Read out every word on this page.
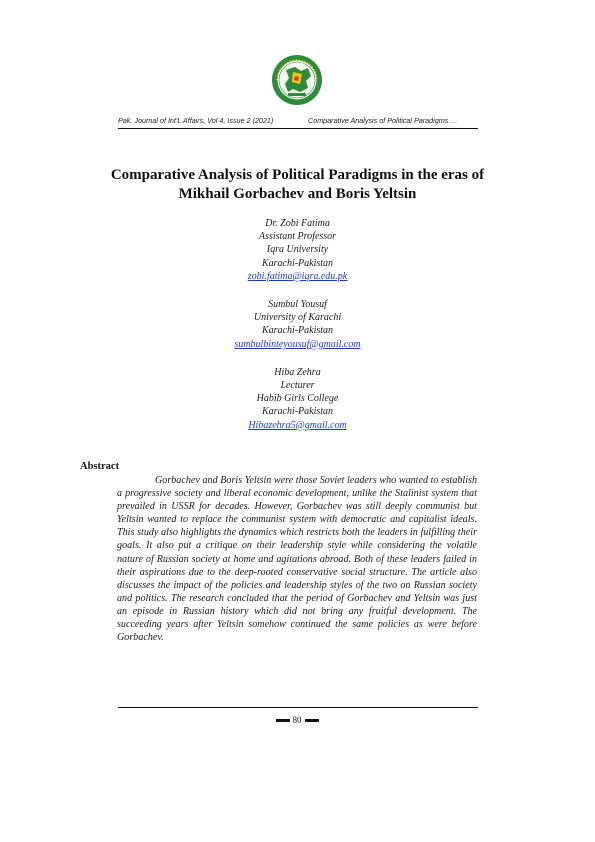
Pak. Journal of Int'L Affairs, Vol 4, Issue 2 (2021)	Comparative Analysis of Political Paradigms …
Comparative Analysis of Political Paradigms in the eras of
Mikhail Gorbachev and Boris Yeltsin
Dr. Zobi Fatima
Assistant Professor
Iqra University
Karachi-Pakistan
zobi.fatima@iqra.edu.pk
Sumbul Yousuf
University of Karachi
Karachi-Pakistan
sumbulbinteyousuf@gmail.com
Hiba Zehra
Lecturer
Habib Girls College
Karachi-Pakistan
Hibazehra5@gmail.com
Abstract

Gorbachev and Boris Yeltsin were those Soviet leaders who wanted to establish a progressive society and liberal economic development, unlike the Stalinist system that prevailed in USSR for decades. However, Gorbachev was still deeply communist but Yeltsin wanted to replace the communist system with democratic and capitalist ideals. This study also highlights the dynamics which restricts both the leaders in fulfilling their goals. It also put a critique on their leadership style while considering the volatile nature of Russian society at home and agitations abroad. Both of these leaders failed in their aspirations due to the deep-rooted conservative social structure. The article also discusses the impact of the policies and leadership styles of the two on Russian society and politics. The research concluded that the period of Gorbachev and Yeltsin was just an episode in Russian history which did not bring any fruitful development. The succeeding years after Yeltsin somehow continued the same policies as were before Gorbachev.

80
